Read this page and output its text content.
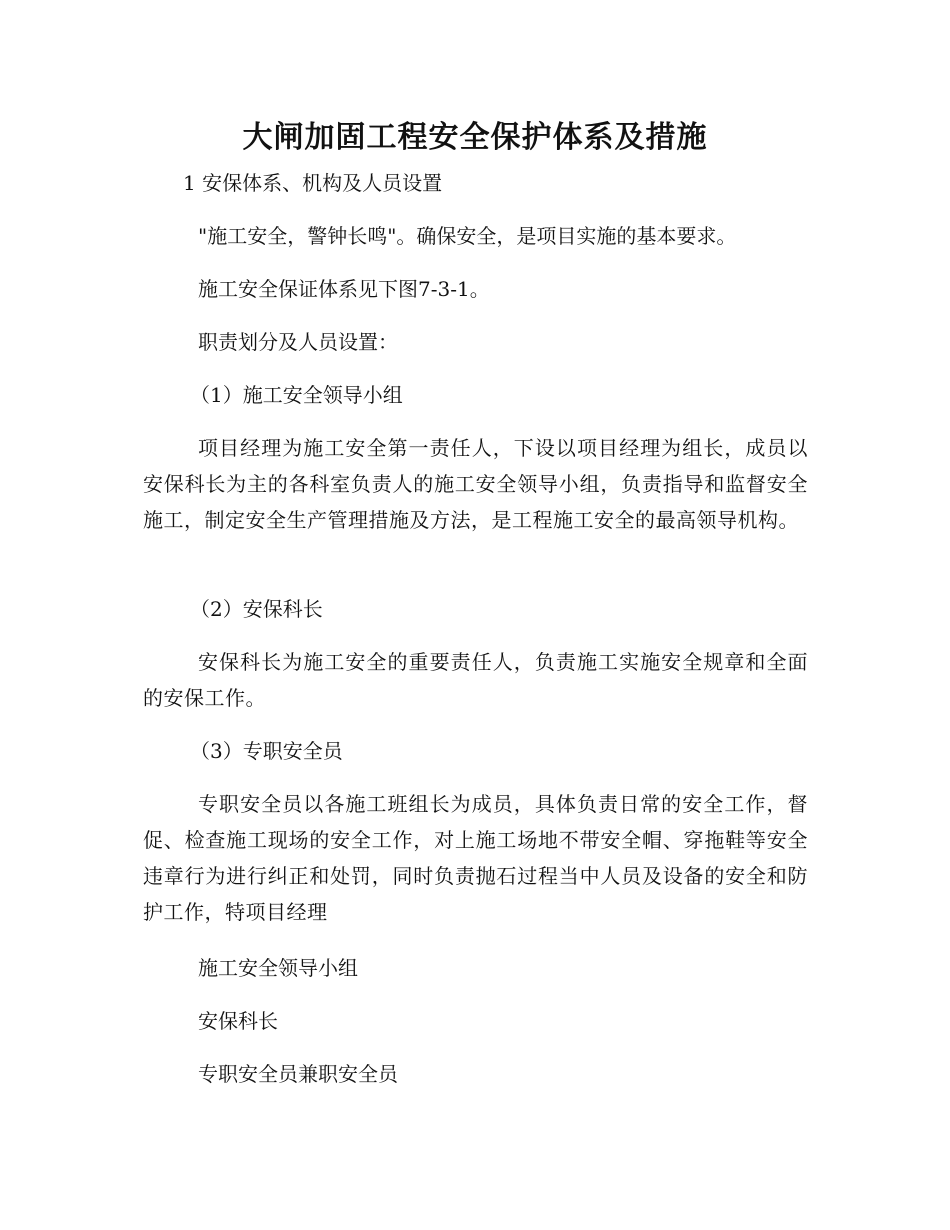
大闸加固工程安全保护体系及措施

1 安保体系、机构及人员设置

"施工安全，警钟长鸣"。确保安全，是项目实施的基本要求。

施工安全保证体系见下图7-3-1。

职责划分及人员设置：

（1）施工安全领导小组

项目经理为施工安全第一责任人，下设以项目经理为组长，成员以安保科长为主的各科室负责人的施工安全领导小组，负责指导和监督安全施工，制定安全生产管理措施及方法，是工程施工安全的最高领导机构。

（2）安保科长

安保科长为施工安全的重要责任人，负责施工实施安全规章和全面的安保工作。

（3）专职安全员

专职安全员以各施工班组长为成员，具体负责日常的安全工作，督促、检查施工现场的安全工作，对上施工场地不带安全帽、穿拖鞋等安全违章行为进行纠正和处罚，同时负责抛石过程当中人员及设备的安全和防护工作，特项目经理

施工安全领导小组

安保科长

专职安全员兼职安全员
